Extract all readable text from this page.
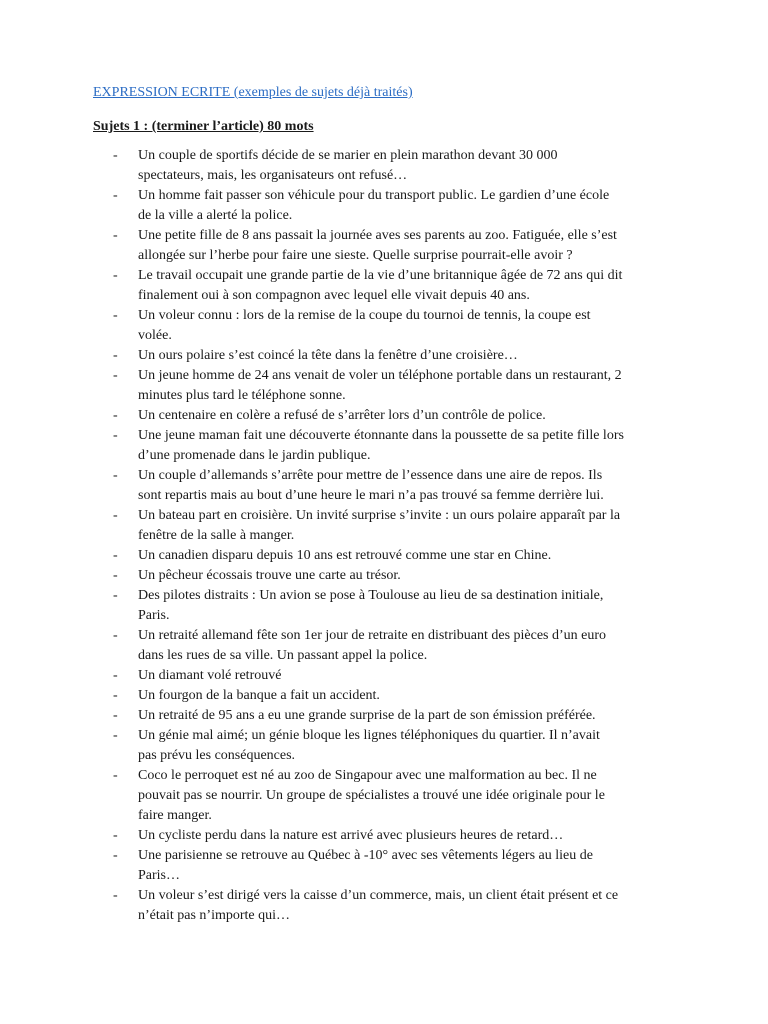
EXPRESSION ECRITE (exemples de sujets déjà traités)
Sujets 1 : (terminer l’article) 80 mots
- Un couple de sportifs décide de se marier en plein marathon devant 30 000
spectateurs, mais, les organisateurs ont refusé…
- Un homme fait passer son véhicule pour du transport public. Le gardien d’une école
de la ville a alerté la police.
- Une petite fille de 8 ans passait la journée aves ses parents au zoo. Fatiguée, elle s’est
allongée sur l’herbe pour faire une sieste. Quelle surprise pourrait-elle avoir ?
- Le travail occupait une grande partie de la vie d’une britannique âgée de 72 ans qui dit
finalement oui à son compagnon avec lequel elle vivait depuis 40 ans.
- Un voleur connu : lors de la remise de la coupe du tournoi de tennis, la coupe est
volée.
- Un ours polaire s’est coincé la tête dans la fenêtre d’une croisière…
- Un jeune homme de 24 ans venait de voler un téléphone portable dans un restaurant, 2
minutes plus tard le téléphone sonne.
- Un centenaire en colère a refusé de s’arrêter lors d’un contrôle de police.
- Une jeune maman fait une découverte étonnante dans la poussette de sa petite fille lors
d’une promenade dans le jardin publique.
- Un couple d’allemands s’arrête pour mettre de l’essence dans une aire de repos. Ils
sont repartis mais au bout d’une heure le mari n’a pas trouvé sa femme derrière lui.
- Un bateau part en croisière. Un invité surprise s’invite : un ours polaire apparaît par la
fenêtre de la salle à manger.
- Un canadien disparu depuis 10 ans est retrouvé comme une star en Chine.
- Un pêcheur écossais trouve une carte au trésor.
- Des pilotes distraits : Un avion se pose à Toulouse au lieu de sa destination initiale,
Paris.
- Un retraité allemand fête son 1er jour de retraite en distribuant des pièces d’un euro
dans les rues de sa ville. Un passant appel la police.
- Un diamant volé retrouvé
- Un fourgon de la banque a fait un accident.
- Un retraité de 95 ans a eu une grande surprise de la part de son émission préférée.
- Un génie mal aimé; un génie bloque les lignes téléphoniques du quartier. Il n’avait
pas prévu les conséquences.
- Coco le perroquet est né au zoo de Singapour avec une malformation au bec. Il ne
pouvait pas se nourrir. Un groupe de spécialistes a trouvé une idée originale pour le
faire manger.
- Un cycliste perdu dans la nature est arrivé avec plusieurs heures de retard…
- Une parisienne se retrouve au Québec à -10° avec ses vêtements légers au lieu de
Paris…
- Un voleur s’est dirigé vers la caisse d’un commerce, mais, un client était présent et ce
n’était pas n’importe qui…
